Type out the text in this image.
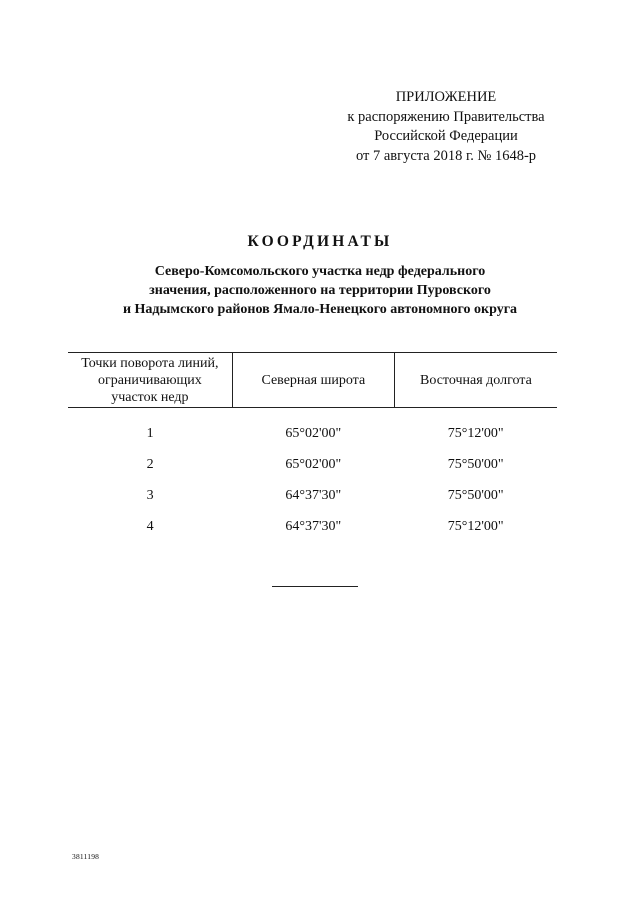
ПРИЛОЖЕНИЕ
к распоряжению Правительства
Российской Федерации
от 7 августа 2018 г. № 1648-р
КООРДИНАТЫ
Северо-Комсомольского участка недр федерального
значения, расположенного на территории Пуровского
и Надымского районов Ямало-Ненецкого автономного округа
Точки поворота линий,
ограничивающих
участок недр	Северная широта	Восточная долгота
1	65°02'00"	75°12'00"
2	65°02'00"	75°50'00"
3	64°37'30"	75°50'00"
4	64°37'30"	75°12'00"
3811198
